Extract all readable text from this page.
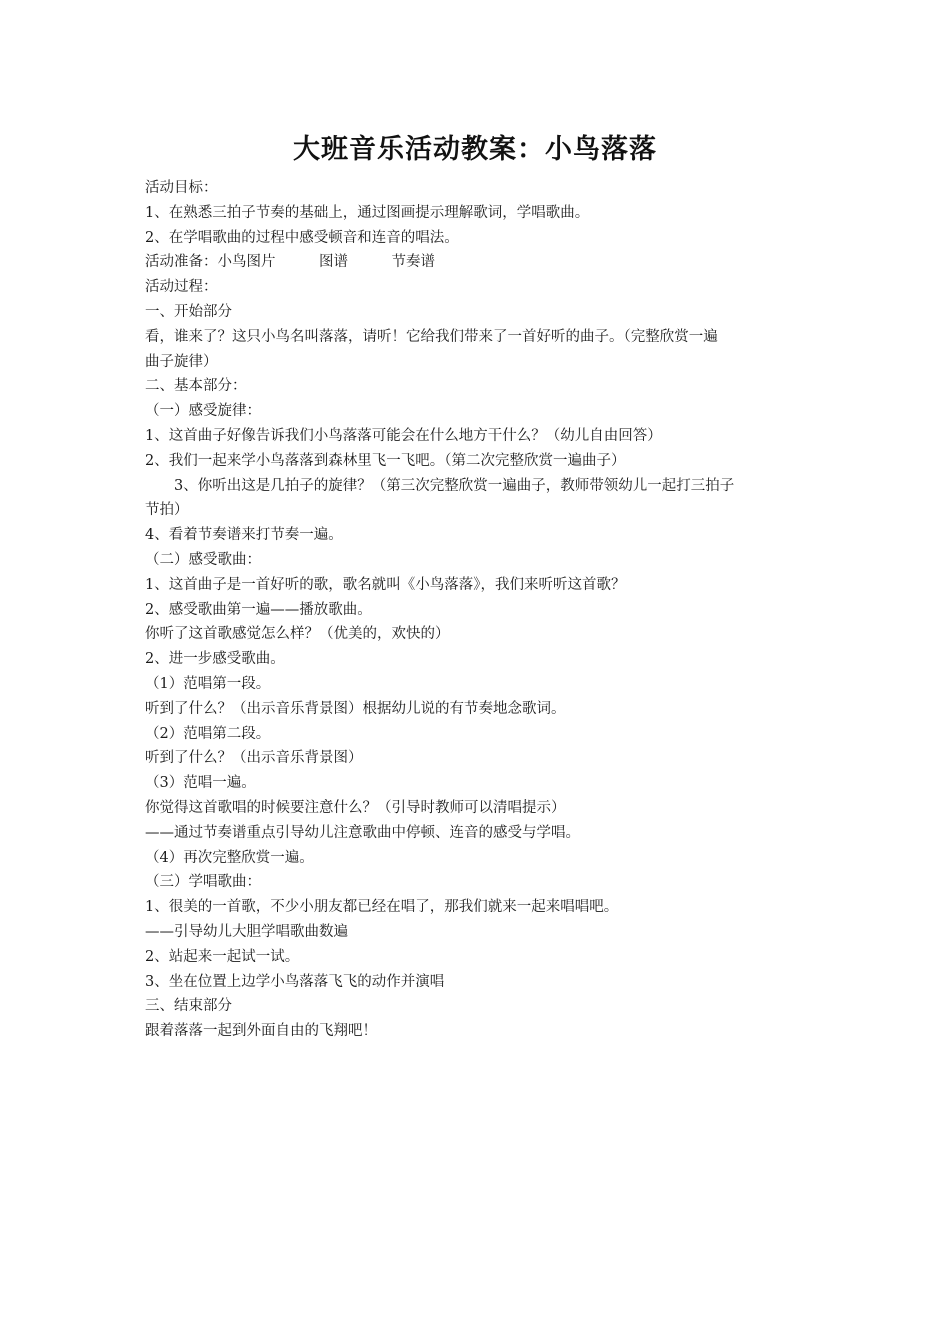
大班音乐活动教案：小鸟落落

活动目标：

1、在熟悉三拍子节奏的基础上，通过图画提示理解歌词，学唱歌曲。

2、在学唱歌曲的过程中感受顿音和连音的唱法。

活动准备：小鸟图片　　　图谱　　　节奏谱

活动过程：

一、开始部分

看，谁来了？这只小鸟名叫落落，请听！它给我们带来了一首好听的曲子。（完整欣赏一遍

曲子旋律）

二、基本部分：

（一）感受旋律：

1、这首曲子好像告诉我们小鸟落落可能会在什么地方干什么？（幼儿自由回答）

2、我们一起来学小鸟落落到森林里飞一飞吧。（第二次完整欣赏一遍曲子）

　　3、你听出这是几拍子的旋律？（第三次完整欣赏一遍曲子，教师带领幼儿一起打三拍子

节拍）

4、看着节奏谱来打节奏一遍。

（二）感受歌曲：

1、这首曲子是一首好听的歌，歌名就叫《小鸟落落》，我们来听听这首歌？

2、感受歌曲第一遍——播放歌曲。

你听了这首歌感觉怎么样？（优美的，欢快的）

2、进一步感受歌曲。

（1）范唱第一段。

听到了什么？（出示音乐背景图）根据幼儿说的有节奏地念歌词。

（2）范唱第二段。

听到了什么？（出示音乐背景图）

（3）范唱一遍。

你觉得这首歌唱的时候要注意什么？（引导时教师可以清唱提示）

——通过节奏谱重点引导幼儿注意歌曲中停顿、连音的感受与学唱。

（4）再次完整欣赏一遍。

（三）学唱歌曲：

1、很美的一首歌，不少小朋友都已经在唱了，那我们就来一起来唱唱吧。

——引导幼儿大胆学唱歌曲数遍

2、站起来一起试一试。

3、坐在位置上边学小鸟落落飞飞的动作并演唱

三、结束部分

跟着落落一起到外面自由的飞翔吧！
